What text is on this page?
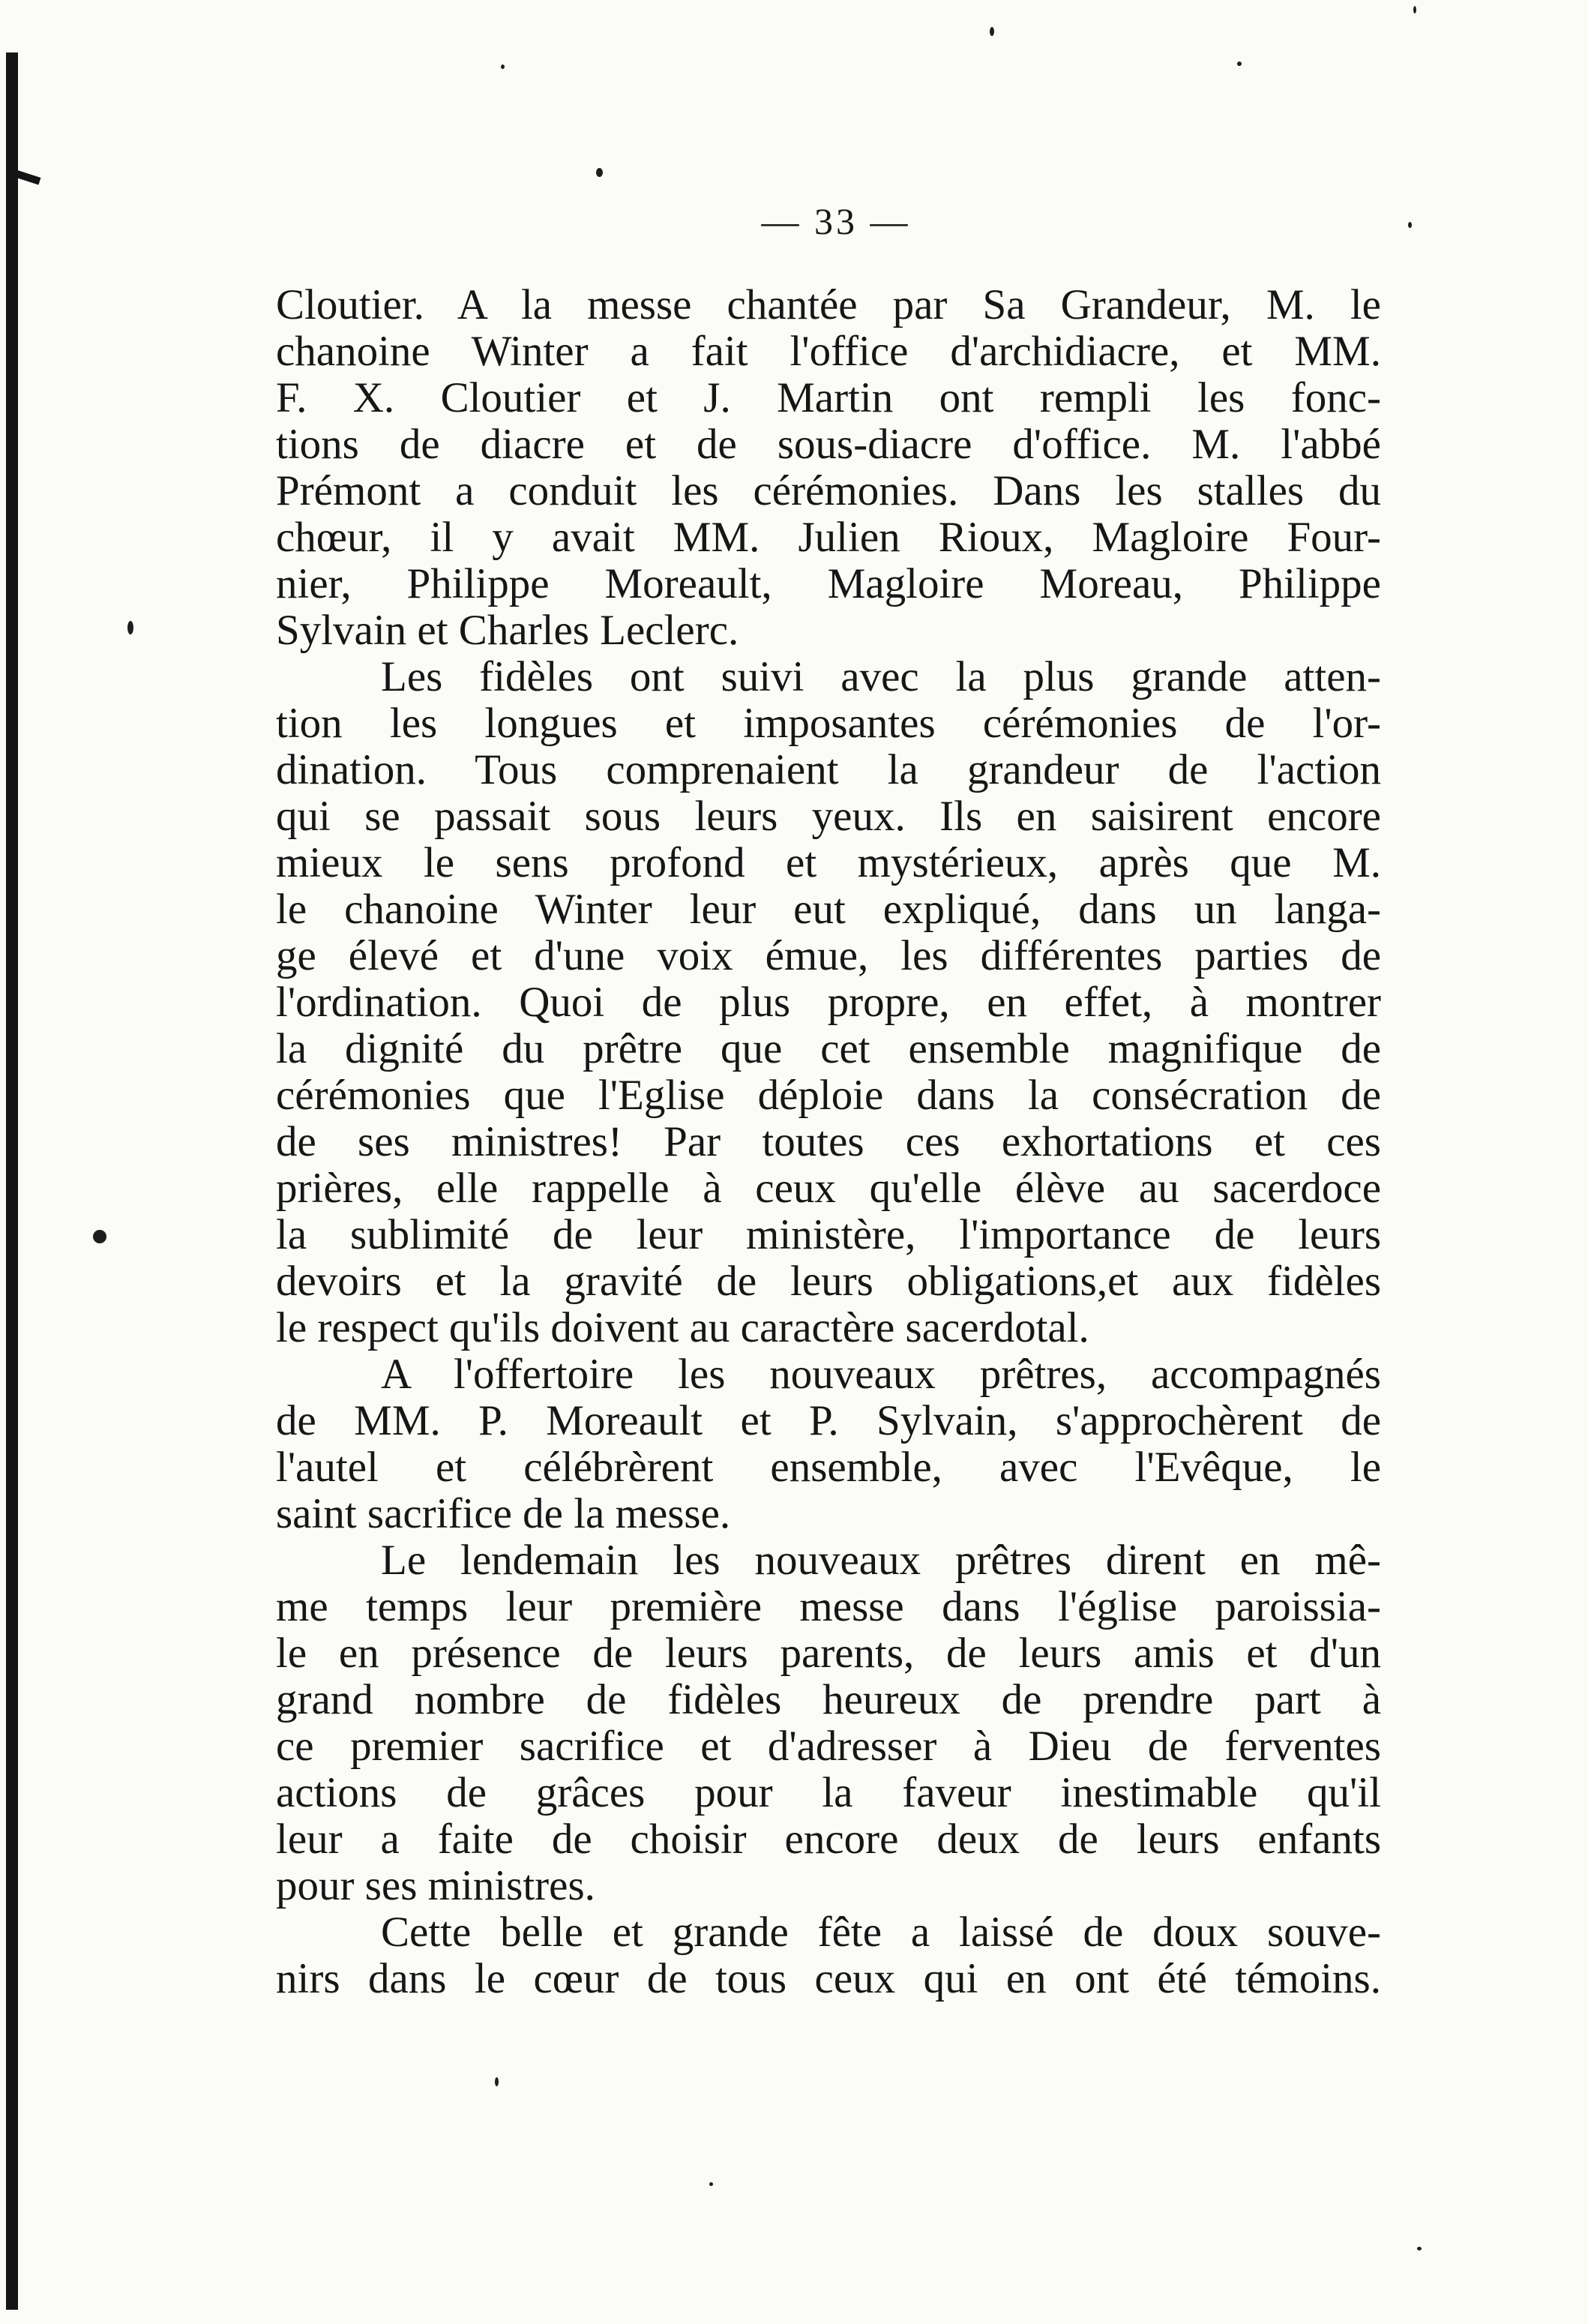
— 33 —
Cloutier. A la messe chantée par Sa Grandeur, M. le
chanoine Winter a fait l'office d'archidiacre, et MM.
F. X. Cloutier et J. Martin ont rempli les fonc-
tions de diacre et de sous-diacre d'office. M. l'abbé
Prémont a conduit les cérémonies. Dans les stalles du
chœur, il y avait MM. Julien Rioux, Magloire Four-
nier, Philippe Moreault, Magloire Moreau, Philippe
Sylvain et Charles Leclerc.
Les fidèles ont suivi avec la plus grande atten-
tion les longues et imposantes cérémonies de l'or-
dination. Tous comprenaient la grandeur de l'action
qui se passait sous leurs yeux. Ils en saisirent encore
mieux le sens profond et mystérieux, après que M.
le chanoine Winter leur eut expliqué, dans un langa-
ge élevé et d'une voix émue, les différentes parties de
l'ordination. Quoi de plus propre, en effet, à montrer
la dignité du prêtre que cet ensemble magnifique de
cérémonies que l'Eglise déploie dans la consécration de
de ses ministres! Par toutes ces exhortations et ces
prières, elle rappelle à ceux qu'elle élève au sacerdoce
la sublimité de leur ministère, l'importance de leurs
devoirs et la gravité de leurs obligations,et aux fidèles
le respect qu'ils doivent au caractère sacerdotal.
A l'offertoire les nouveaux prêtres, accompagnés
de MM. P. Moreault et P. Sylvain, s'approchèrent de
l'autel et célébrèrent ensemble, avec l'Evêque, le
saint sacrifice de la messe.
Le lendemain les nouveaux prêtres dirent en mê-
me temps leur première messe dans l'église paroissia-
le en présence de leurs parents, de leurs amis et d'un
grand nombre de fidèles heureux de prendre part à
ce premier sacrifice et d'adresser à Dieu de ferventes
actions de grâces pour la faveur inestimable qu'il
leur a faite de choisir encore deux de leurs enfants
pour ses ministres.
Cette belle et grande fête a laissé de doux souve-
nirs dans le cœur de tous ceux qui en ont été témoins.
